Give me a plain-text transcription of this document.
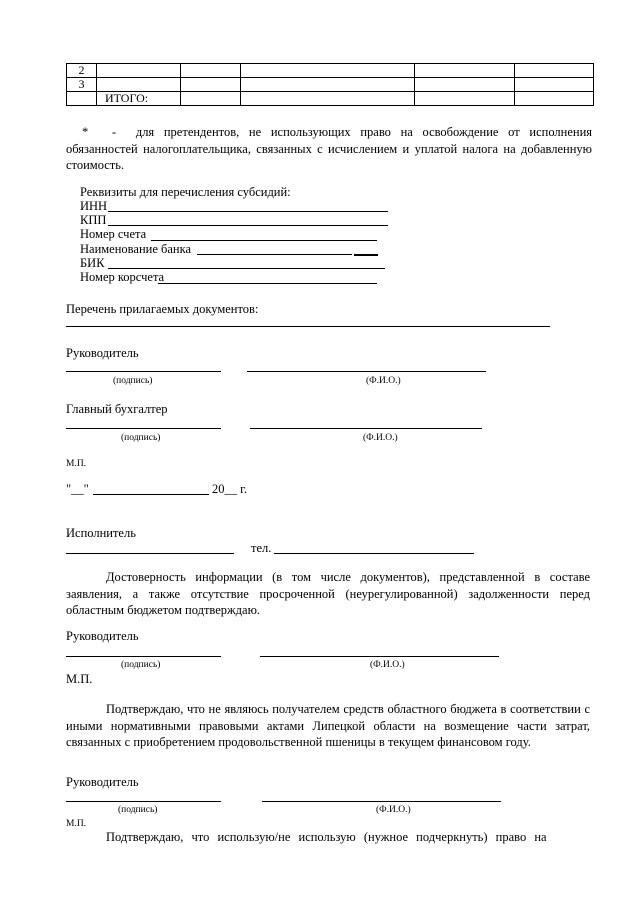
2					
3					
	ИТОГО:				
* - для претендентов, не использующих право на освобождение от исполнения обязанностей налогоплательщика, связанных с исчислением и уплатой налога на добавленную стоимость.
Реквизиты для перечисления субсидий:
ИНН
КПП
Номер счета
Наименование банка
БИК
Номер корсчета
Перечень прилагаемых документов:
Руководитель
(подпись)	(Ф.И.О.)
Главный бухгалтер
(подпись)	(Ф.И.О.)
М.П.
"__"	20__ г.
Исполнитель
тел.
Достоверность информации (в том числе документов), представленной в составе заявления, а также отсутствие просроченной (неурегулированной) задолженности перед областным бюджетом подтверждаю.
Руководитель
(подпись)	(Ф.И.О.)
М.П.
Подтверждаю, что не являюсь получателем средств областного бюджета в соответствии с иными нормативными правовыми актами Липецкой области на возмещение части затрат, связанных с приобретением продовольственной пшеницы в текущем финансовом году.
Руководитель
(подпись)	(Ф.И.О.)
М.П.
Подтверждаю, что использую/не использую (нужное подчеркнуть) право на
